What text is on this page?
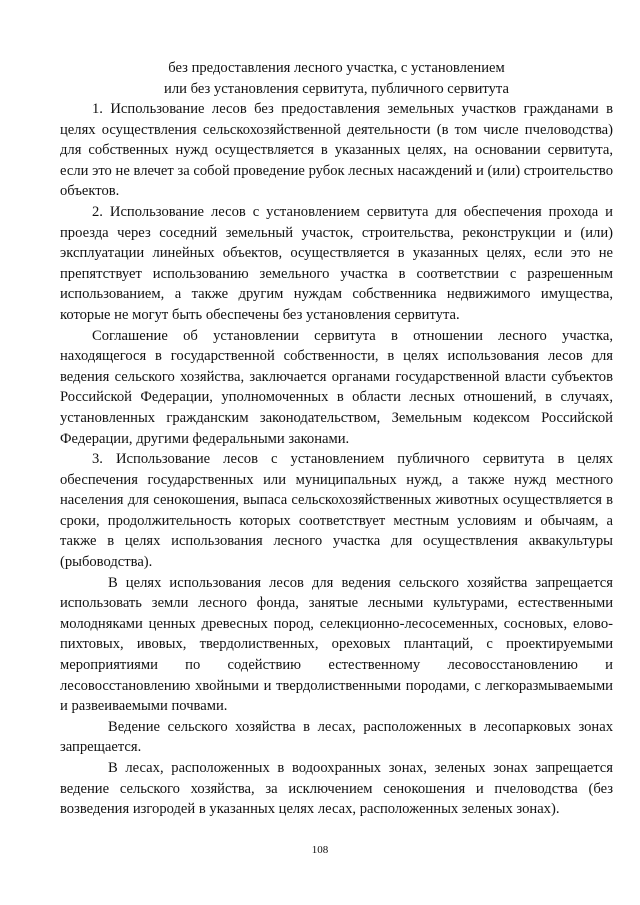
без предоставления лесного участка, с установлением

или без установления сервитута, публичного сервитута

1. Использование лесов без предоставления земельных участков гражданами в целях осуществления сельскохозяйственной деятельности (в том числе пчеловодства) для собственных нужд осуществляется в указанных целях, на основании сервитута, если это не влечет за собой проведение рубок лесных насаждений и (или) строительство объектов.

2. Использование лесов с установлением сервитута для обеспечения прохода и проезда через соседний земельный участок, строительства, реконструкции и (или) эксплуатации линейных объектов, осуществляется в указанных целях, если это не препятствует использованию земельного участка в соответствии с разрешенным использованием, а также другим нуждам собственника недвижимого имущества, которые не могут быть обеспечены без установления сервитута.

Соглашение об установлении сервитута в отношении лесного участка, находящегося в государственной собственности, в целях использования лесов для ведения сельского хозяйства, заключается органами государственной власти субъектов Российской Федерации, уполномоченных в области лесных отношений, в случаях, установленных гражданским законодательством, Земельным кодексом Российской Федерации, другими федеральными законами.

3. Использование лесов с установлением публичного сервитута в целях обеспечения государственных или муниципальных нужд, а также нужд местного населения для сенокошения, выпаса сельскохозяйственных животных осуществляется в сроки, продолжительность которых соответствует местным условиям и обычаям, а также в целях использования лесного участка для осуществления аквакультуры (рыбоводства).

В целях использования лесов для ведения сельского хозяйства запрещается использовать земли лесного фонда, занятые лесными культурами, естественными молодняками ценных древесных пород, селекционно-лесосеменных, сосновых, елово-пихтовых, ивовых, твердолиственных, ореховых плантаций, с проектируемыми мероприятиями по содействию естественному лесовосстановлению и лесовосстановлению хвойными и твердолиственными породами, с легкоразмываемыми и развеиваемыми почвами.

Ведение сельского хозяйства в лесах, расположенных в лесопарковых зонах запрещается.

В лесах, расположенных в водоохранных зонах, зеленых зонах запрещается ведение сельского хозяйства, за исключением сенокошения и пчеловодства (без возведения изгородей в указанных целях лесах, расположенных зеленых зонах).

108
